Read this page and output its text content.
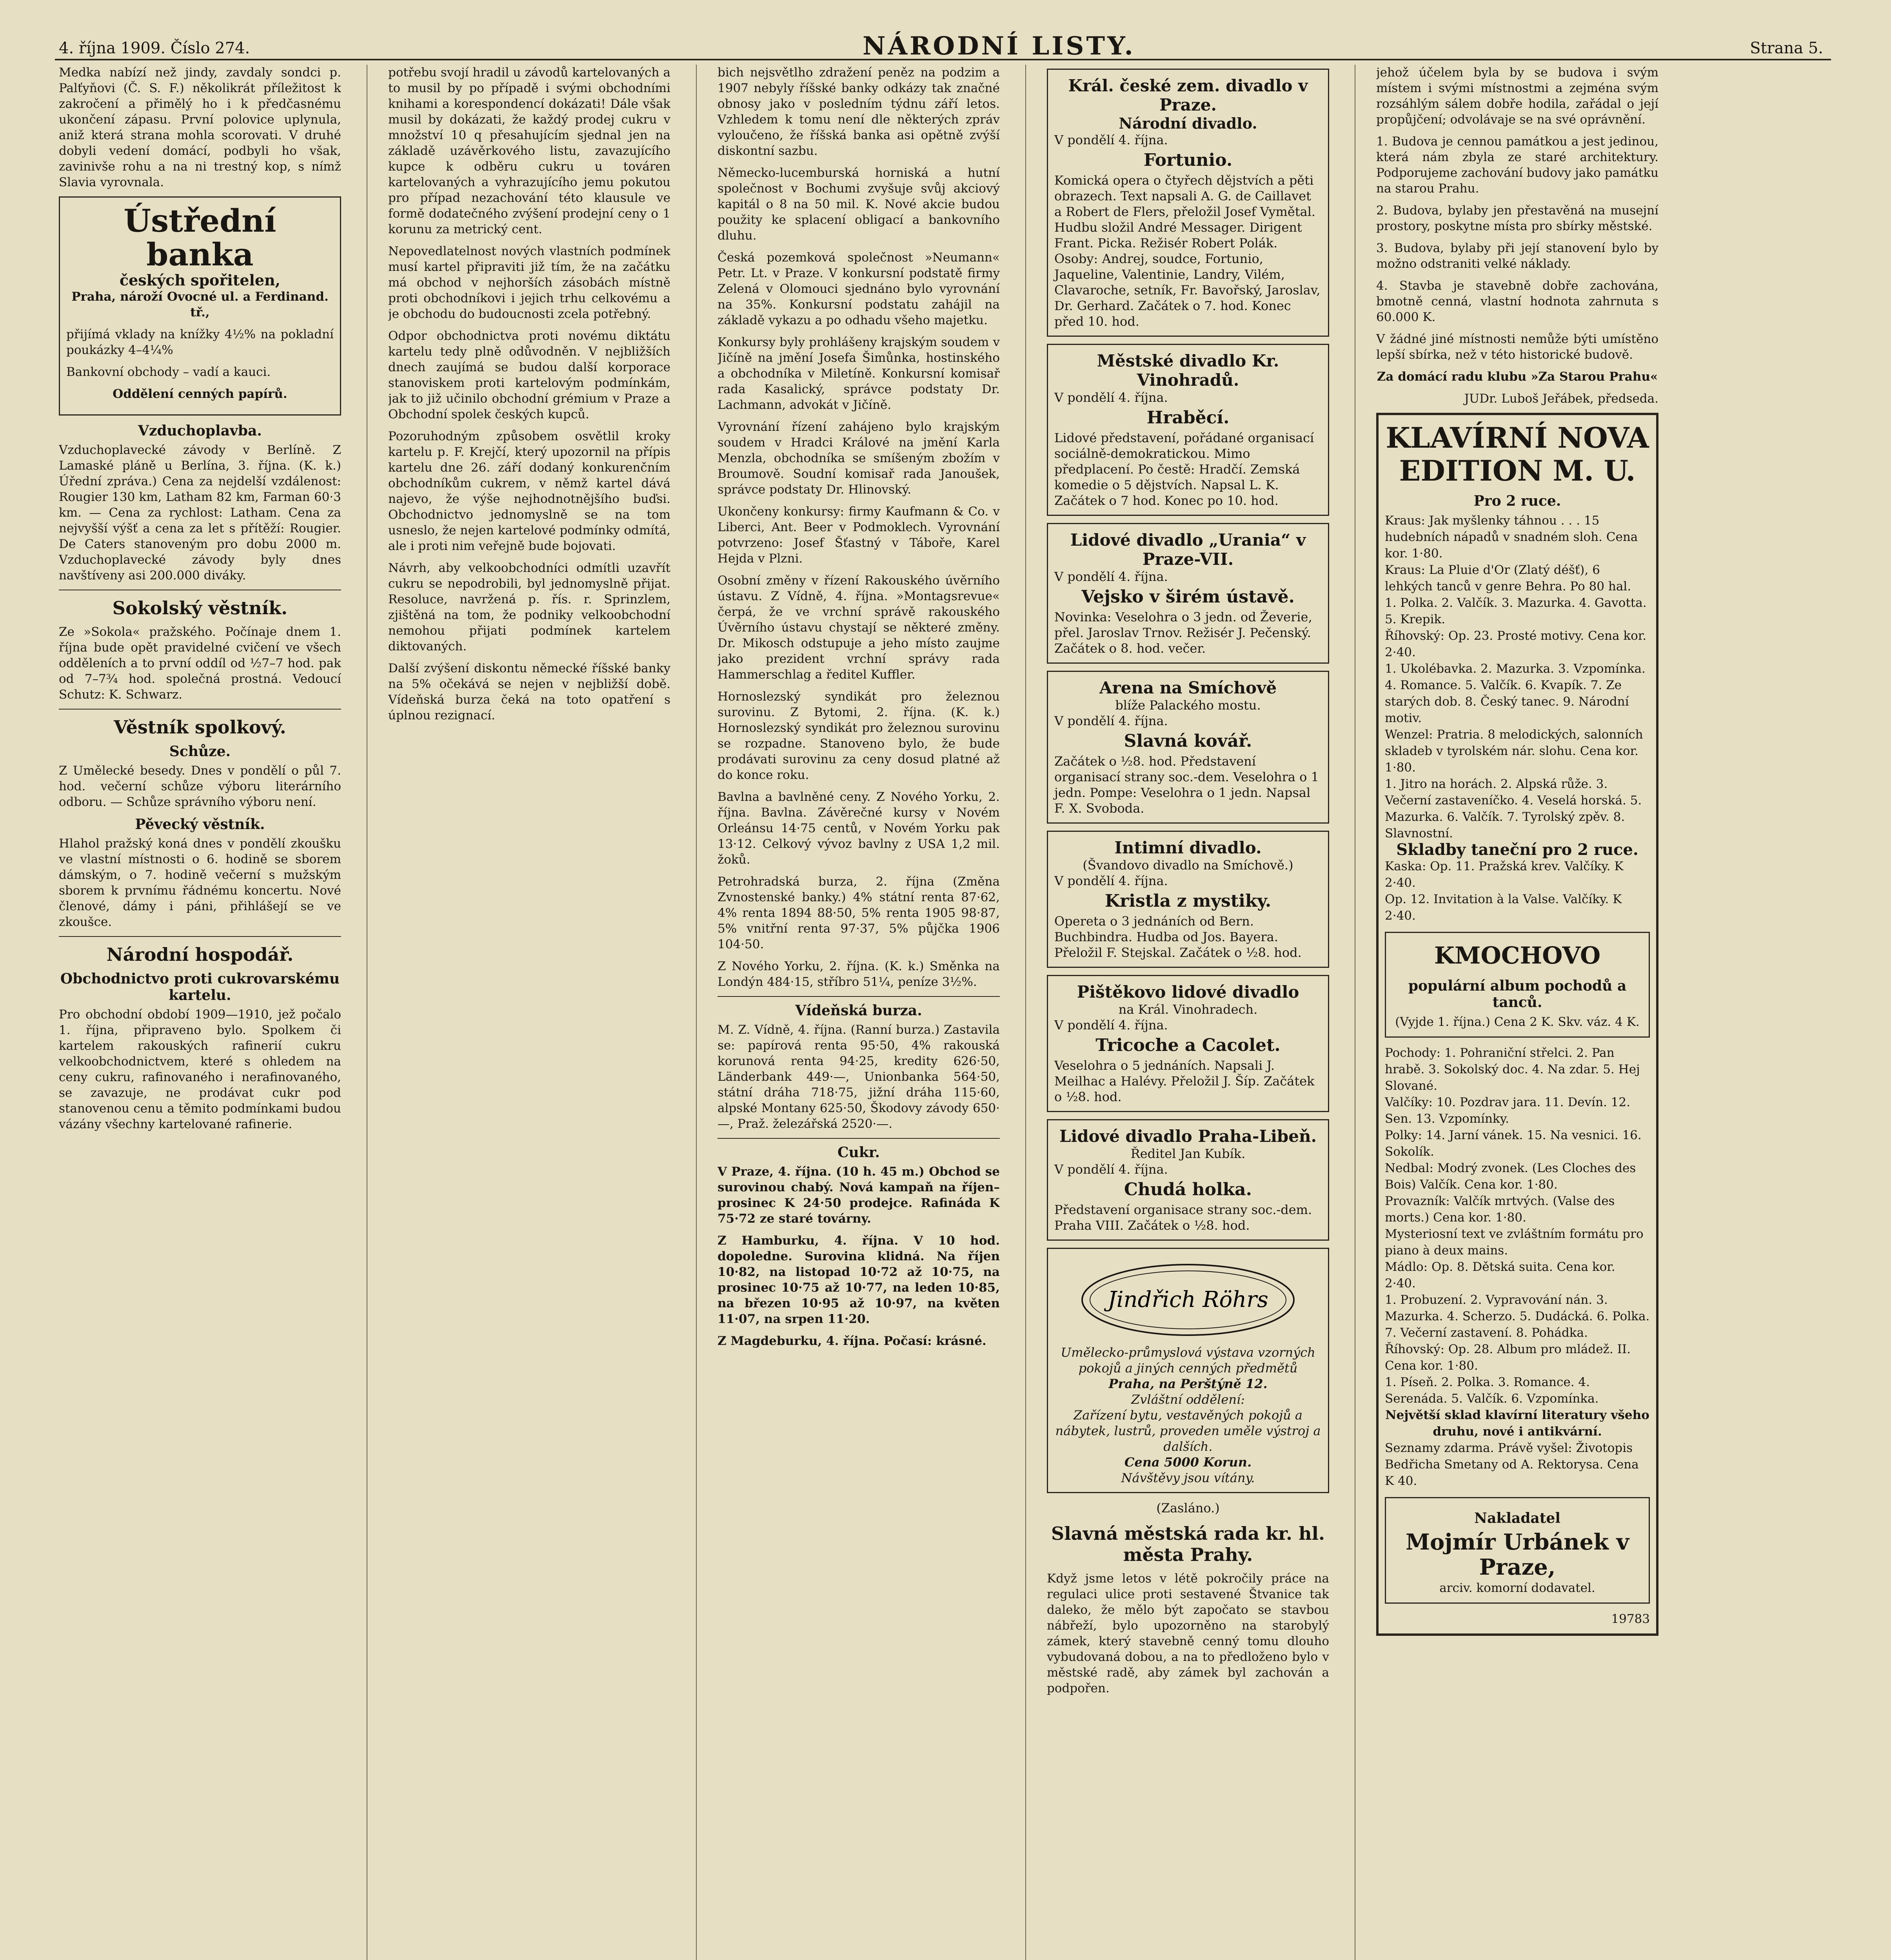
4. října 1909. Číslo 274.	NÁRODNÍ LISTY.	Strana 5.

Medka nabízí než jindy, zavdaly sondci p. Palťyňovi (Č. S. F.) několikrát příležitost k zakročení a přimělý ho i k předčasnému ukončení zápasu. První polovice uplynula, aniž která strana mohla scorovati. V druhé dobyli vedení domácí, podbyli ho však, zavinivše rohu a na ni trestný kop, s nímž Slavia vyrovnala.

Ústřední banka
českých spořitelen,
Praha, nároží Ovocné ul. a Ferdinand. tř.,
přijímá vklady na knížky 4½% na pokladní poukázky 4–4¼%
Bankovní obchody – vadí a kauci.
Oddělení cenných papírů.
Vzduchoplavba.

Vzduchoplavecké závody v Berlíně. Z Lamaské pláně u Berlína, 3. října. (K. k.) Úřední zpráva.) Cena za nejdelší vzdálenost: Rougier 130 km, Latham 82 km, Farman 60·3 km. — Cena za rychlost: Latham. Cena za nejvyšší výšť a cena za let s přítěží: Rougier. De Caters stanoveným pro dobu 2000 m. Vzduchoplavecké závody byly dnes navštíveny asi 200.000 diváky.

Sokolský věstník.

Ze »Sokola« pražského. Počínaje dnem 1. října bude opět pravidelné cvičení ve všech odděleních a to první oddíl od ½7–7 hod. pak od 7–7¾ hod. společná prostná. Vedoucí Schutz: K. Schwarz.

Věstník spolkový.
Schůze.

Z Umělecké besedy. Dnes v pondělí o půl 7. hod. večerní schůze výboru literárního odboru. — Schůze správního výboru není.

Pěvecký věstník.

Hlahol pražský koná dnes v pondělí zkoušku ve vlastní místnosti o 6. hodině se sborem dámským, o 7. hodině večerní s mužským sborem k prvnímu řádnému koncertu. Nové členové, dámy i páni, přihlášejí se ve zkoušce.

Národní hospodář.
Obchodnictvo proti cukrovarskému kartelu.

Pro obchodní období 1909—1910, jež počalo 1. října, připraveno bylo. Spolkem či kartelem rakouských rafinerií cukru velkoobchodnictvem, které s ohledem na ceny cukru, rafinovaného i nerafinovaného, se zavazuje, ne prodávat cukr pod stanovenou cenu a těmito podmínkami budou vázány všechny kartelované rafinerie.

potřebu svojí hradil u závodů kartelovaných a to musil by po případě i svými obchodními knihami a korespondencí dokázati! Dále však musil by dokázati, že každý prodej cukru v množství 10 q přesahujícím sjednal jen na základě uzávěrkového listu, zavazujícího kupce k odběru cukru u továren kartelovaných a vyhrazujícího jemu pokutou pro případ nezachování této klausule ve formě dodatečného zvýšení prodejní ceny o 1 korunu za metrický cent.

Nepovedlatelnost nových vlastních podmínek musí kartel připraviti již tím, že na začátku má obchod v nejhorších zásobách místně proti obchodníkovi i jejich trhu celkovému a je obchodu do budoucnosti zcela potřebný.

Odpor obchodnictva proti novému diktátu kartelu tedy plně odůvodněn. V nejbližších dnech zaujímá se budou další korporace stanoviskem proti kartelovým podmínkám, jak to již učinilo obchodní grémium v Praze a Obchodní spolek českých kupců.

Pozoruhodným způsobem osvětlil kroky kartelu p. F. Krejčí, který upozornil na přípis kartelu dne 26. září dodaný konkurenčním obchodníkům cukrem, v němž kartel dává najevo, že výše nejhodnotnějšího buďsi. Obchodnictvo jednomyslně se na tom usneslo, že nejen kartelové podmínky odmítá, ale i proti nim veřejně bude bojovati.

Návrh, aby velkoobchodníci odmítli uzavřít cukru se nepodrobili, byl jednomyslně přijat. Resoluce, navržená p. řís. r. Sprinzlem, zjištěná na tom, že podniky velkoobchodní nemohou přijati podmínek kartelem diktovaných.

Další zvýšení diskontu německé říšské banky na 5% očekává se nejen v nejbližší době. Vídeňská burza čeká na toto opatření s úplnou rezignací.

bich nejsvětlho zdražení peněz na podzim a 1907 nebyly říšské banky odkázy tak značné obnosy jako v posledním týdnu září letos. Vzhledem k tomu není dle některých zpráv vyloučeno, že říšská banka asi opětně zvýší diskontní sazbu.

Německo-lucemburská horniská a hutní společnost v Bochumi zvyšuje svůj akciový kapitál o 8 na 50 mil. K. Nové akcie budou použity ke splacení obligací a bankovního dluhu.

Česká pozemková společnost »Neumann« Petr. Lt. v Praze. V konkursní podstatě firmy Zelená v Olomouci sjednáno bylo vyrovnání na 35%. Konkursní podstatu zahájil na základě vykazu a po odhadu všeho majetku.

Konkursy byly prohlášeny krajským soudem v Jičíně na jmění Josefa Šimůnka, hostinského a obchodníka v Miletíně. Konkursní komisař rada Kasalický, správce podstaty Dr. Lachmann, advokát v Jičíně.

Vyrovnání řízení zahájeno bylo krajským soudem v Hradci Králové na jmění Karla Menzla, obchodníka se smíšeným zbožím v Broumově. Soudní komisař rada Janoušek, správce podstaty Dr. Hlinovský.

Ukončeny konkursy: firmy Kaufmann & Co. v Liberci, Ant. Beer v Podmoklech. Vyrovnání potvrzeno: Josef Šťastný v Táboře, Karel Hejda v Plzni.

Osobní změny v řízení Rakouského úvěrního ústavu. Z Vídně, 4. října. »Montagsrevue« čerpá, že ve vrchní správě rakouského Úvěrního ústavu chystají se některé změny. Dr. Mikosch odstupuje a jeho místo zaujme jako prezident vrchní správy rada Hammerschlag a ředitel Kuffler.

Hornoslezský syndikát pro železnou surovinu. Z Bytomi, 2. října. (K. k.) Hornoslezský syndikát pro železnou surovinu se rozpadne. Stanoveno bylo, že bude prodávati surovinu za ceny dosud platné až do konce roku.

Bavlna a bavlněné ceny. Z Nového Yorku, 2. října. Bavlna. Závěrečné kursy v Novém Orleánsu 14·75 centů, v Novém Yorku pak 13·12. Celkový vývoz bavlny z USA 1,2 mil. žoků.

Petrohradská burza, 2. října (Změna Zvnostenské banky.) 4% státní renta 87·62, 4% renta 1894 88·50, 5% renta 1905 98·87, 5% vnitřní renta 97·37, 5% půjčka 1906 104·50.

Z Nového Yorku, 2. října. (K. k.) Směnka na Londýn 484·15, stříbro 51¼, peníze 3½%.

Vídeňská burza.

M. Z. Vídně, 4. října. (Ranní burza.) Zastavila se: papírová renta 95·50, 4% rakouská korunová renta 94·25, kredity 626·50, Länderbank 449·—, Unionbanka 564·50, státní dráha 718·75, jižní dráha 115·60, alpské Montany 625·50, Škodovy závody 650·—, Praž. železářská 2520·—.

Cukr.

V Praze, 4. října. (10 h. 45 m.) Obchod se surovinou chabý. Nová kampaň na říjen–prosinec K 24·50 prodejce. Rafináda K 75·72 ze staré továrny.

Z Hamburku, 4. října. V 10 hod. dopoledne. Surovina klidná. Na říjen 10·82, na listopad 10·72 až 10·75, na prosinec 10·75 až 10·77, na leden 10·85, na březen 10·95 až 10·97, na květen 11·07, na srpen 11·20.

Z Magdeburku, 4. října. Počasí: krásné.

Král. české zem. divadlo v Praze.
Národní divadlo.
V pondělí 4. října.
Fortunio.
Komická opera o čtyřech dějstvích a pěti obrazech. Text napsali A. G. de Caillavet a Robert de Flers, přeložil Josef Vymětal. Hudbu složil André Messager. Dirigent Frant. Picka. Režisér Robert Polák.
Osoby: Andrej, soudce, Fortunio, Jaqueline, Valentinie, Landry, Vilém, Clavaroche, setník, Fr. Bavořský, Jaroslav, Dr. Gerhard. Začátek o 7. hod. Konec před 10. hod.
Městské divadlo Kr. Vinohradů.
V pondělí 4. října.
Hraběcí.
Lidové představení, pořádané organisací sociálně-demokratickou. Mimo předplacení. Po čestě: Hradčí. Zemská komedie o 5 dějstvích. Napsal L. K. Začátek o 7 hod. Konec po 10. hod.
Lidové divadlo „Urania“ v Praze-VII.
V pondělí 4. října.
Vejsko v širém ústavě.
Novinka: Veselohra o 3 jedn. od Ževerie, přel. Jaroslav Trnov. Režisér J. Pečenský. Začátek o 8. hod. večer.
Arena na Smíchově
blíže Palackého mostu.
V pondělí 4. října.
Slavná kovář.
Začátek o ½8. hod. Představení organisací strany soc.-dem. Veselohra o 1 jedn. Pompe: Veselohra o 1 jedn. Napsal F. X. Svoboda.
Intimní divadlo.
(Švandovo divadlo na Smíchově.)
V pondělí 4. října.
Kristla z mystiky.
Opereta o 3 jednáních od Bern. Buchbindra. Hudba od Jos. Bayera. Přeložil F. Stejskal. Začátek o ½8. hod.
Pištěkovo lidové divadlo
na Král. Vinohradech.
V pondělí 4. října.
Tricoche a Cacolet.
Veselohra o 5 jednáních. Napsali J. Meilhac a Halévy. Přeložil J. Šíp. Začátek o ½8. hod.
Lidové divadlo Praha-Libeň.
Ředitel Jan Kubík.
V pondělí 4. října.
Chudá holka.
Představení organisace strany soc.-dem. Praha VIII. Začátek o ½8. hod.
Jindřich Röhrs
Umělecko-průmyslová výstava vzorných pokojů a jiných cenných předmětů
Praha, na Perštýně 12.
Zvláštní oddělení:
Zařízení bytu, vestavěných pokojů a nábytek, lustrů, proveden uměle výstroj a dalších.
Cena 5000 Korun.
Návštěvy jsou vítány.
(Zasláno.)
Slavná městská rada kr. hl. města Prahy.

Když jsme letos v létě pokročily práce na regulaci ulice proti sestavené Štvanice tak daleko, že mělo být započato se stavbou nábřeží, bylo upozorněno na starobylý zámek, který stavebně cenný tomu dlouho vybudovaná dobou, a na to předloženo bylo v městské radě, aby zámek byl zachován a podpořen.

jehož účelem byla by se budova i svým místem i svými místnostmi a zejména svým rozsáhlým sálem dobře hodila, zařádal o její propůjčení; odvolávaje se na své oprávnění.

1. Budova je cennou památkou a jest jedinou, která nám zbyla ze staré architektury. Podporujeme zachování budovy jako památku na starou Prahu.

2. Budova, bylaby jen přestavěná na musejní prostory, poskytne místa pro sbírky městské.

3. Budova, bylaby při její stanovení bylo by možno odstraniti velké náklady.

4. Stavba je stavebně dobře zachována, bmotně cenná, vlastní hodnota zahrnuta s 60.000 K.

V žádné jiné místnosti nemůže býti umístěno lepší sbírka, než v této historické budově.

Za domácí radu klubu »Za Starou Prahu«

JUDr. Luboš Jeřábek, předseda.

KLAVÍRNÍ NOVA EDITION M. U.
Pro 2 ruce.
Kraus: Jak myšlenky táhnou . . . 15 hudebních nápadů v snadném sloh. Cena kor. 1·80.
Kraus: La Pluie d'Or (Zlatý déšť), 6 lehkých tanců v genre Behra. Po 80 hal.
1. Polka. 2. Valčík. 3. Mazurka. 4. Gavotta. 5. Krepik.
Říhovský: Op. 23. Prosté motivy. Cena kor. 2·40.
1. Ukolébavka. 2. Mazurka. 3. Vzpomínka. 4. Romance. 5. Valčík. 6. Kvapík. 7. Ze starých dob. 8. Český tanec. 9. Národní motiv.
Wenzel: Pratria. 8 melodických, salonních skladeb v tyrolském nár. slohu. Cena kor. 1·80.
1. Jitro na horách. 2. Alpská růže. 3. Večerní zastaveníčko. 4. Veselá horská. 5. Mazurka. 6. Valčík. 7. Tyrolský zpěv. 8. Slavnostní.
Skladby taneční pro 2 ruce.
Kaska: Op. 11. Pražská krev. Valčíky. K 2·40.
Op. 12. Invitation à la Valse. Valčíky. K 2·40.
KMOCHOVO
populární album pochodů a tanců.
(Vyjde 1. října.) Cena 2 K. Skv. váz. 4 K.
Pochody: 1. Pohraniční střelci. 2. Pan hrabě. 3. Sokolský doc. 4. Na zdar. 5. Hej Slované.
Valčíky: 10. Pozdrav jara. 11. Devín. 12. Sen. 13. Vzpomínky.
Polky: 14. Jarní vánek. 15. Na vesnici. 16. Sokolík.
Nedbal: Modrý zvonek. (Les Cloches des Bois) Valčík. Cena kor. 1·80.
Provazník: Valčík mrtvých. (Valse des morts.) Cena kor. 1·80.
Mysteriosní text ve zvláštním formátu pro piano à deux mains.
Mádlo: Op. 8. Dětská suita. Cena kor. 2·40.
1. Probuzení. 2. Vypravování nán. 3. Mazurka. 4. Scherzo. 5. Dudácká. 6. Polka. 7. Večerní zastavení. 8. Pohádka.
Říhovský: Op. 28. Album pro mládež. II. Cena kor. 1·80.
1. Píseň. 2. Polka. 3. Romance. 4. Serenáda. 5. Valčík. 6. Vzpomínka.
Největší sklad klavírní literatury všeho druhu, nové i antikvární.
Seznamy zdarma. Právě vyšel: Životopis Bedřicha Smetany od A. Rektorysa. Cena K 40.
Nakladatel
Mojmír Urbánek v Praze,
arciv. komorní dodavatel.
19783
